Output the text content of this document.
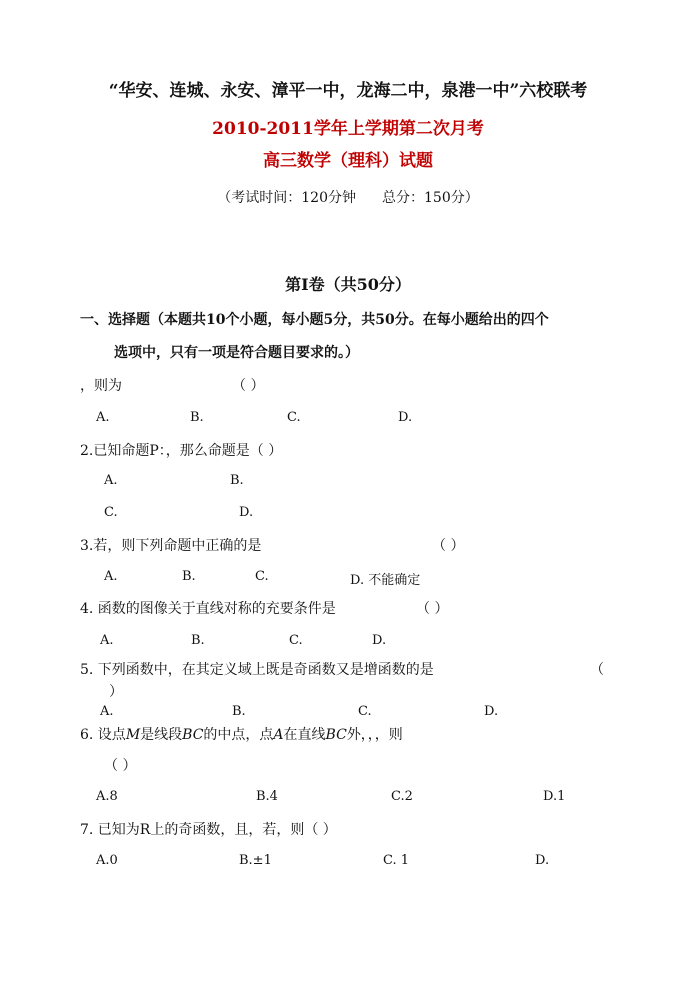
“华安、连城、永安、漳平一中，龙海二中，泉港一中”六校联考
2010-2011学年上学期第二次月考
高三数学（理科）试题
（考试时间：120分钟 总分：150分）
第Ⅰ卷（共50分）
一、选择题（本题共10个小题，每小题5分，共50分。在每小题给出的四个
选项中，只有一项是符合题目要求的。）
，则为	（ ）
A.	B.	C.	D.
2.已知命题P：，那么命题是（ ）
A.	B.
C.	D.
3.若，则下列命题中正确的是	（ ）
A.	B.	C.	D. 不能确定
4. 函数的图像关于直线对称的充要条件是	（ ）
A.	B.	C.	D.
5. 下列函数中，在其定义域上既是奇函数又是增函数的是	（
）
A.	B.	C.	D.
6. 设点M是线段BC的中点，点A在直线BC外，，，则
（ ）
A.8	B.4	C.2	D.1
7. 已知为R上的奇函数，且，若，则（ ）
A.0	B.±1	C. 1	D.
